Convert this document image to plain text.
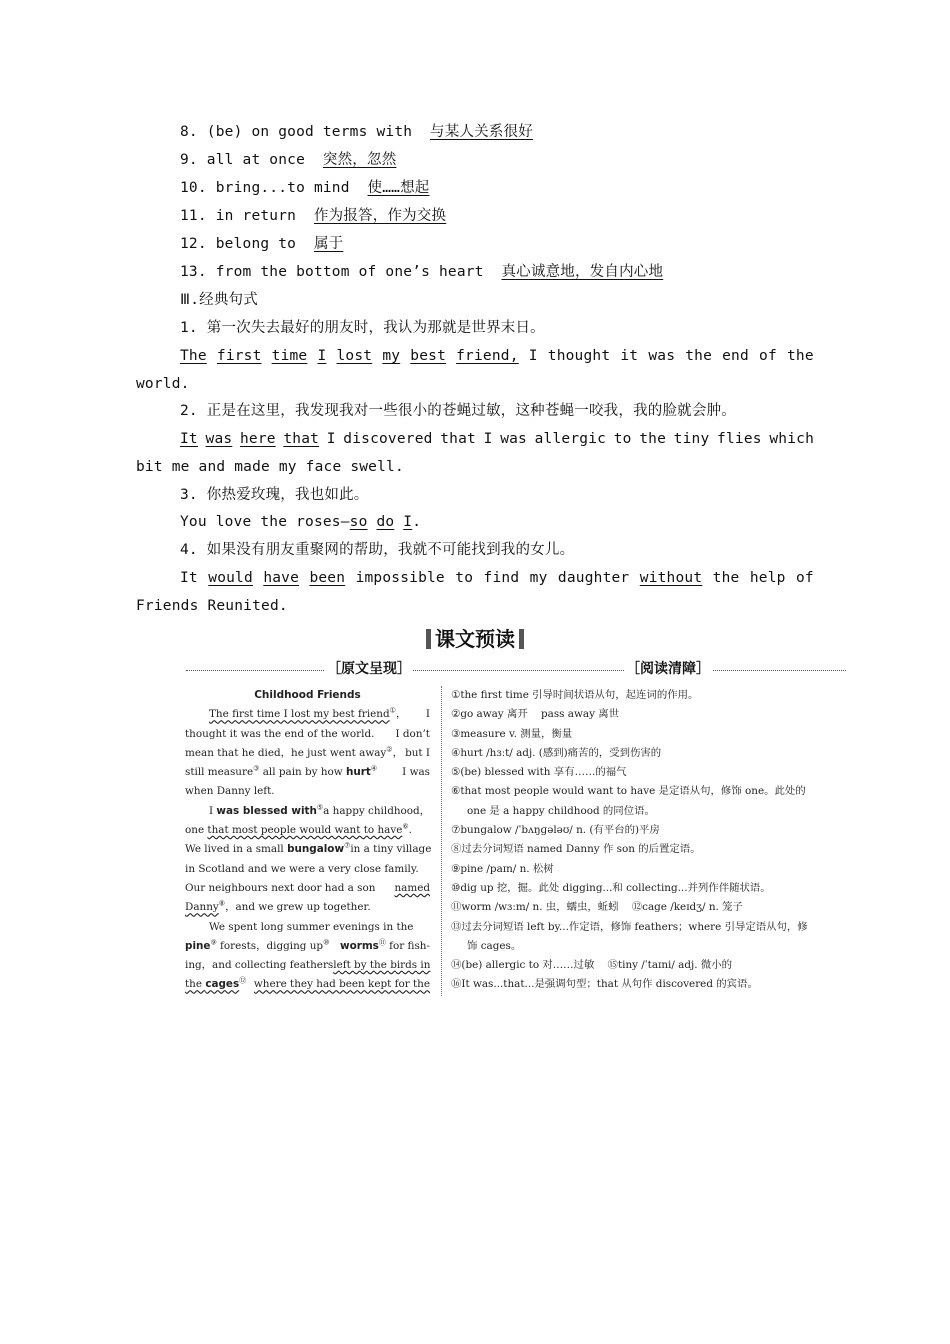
8. (be) on good terms with  与某人关系很好
9. all at once  突然，忽然
10. bring...to mind  使……想起
11. in return  作为报答，作为交换
12. belong to  属于
13. from the bottom of one’s heart  真心诚意地，发自内心地
Ⅲ.经典句式
1. 第一次失去最好的朋友时，我认为那就是世界末日。
The first time I lost my best friend, I thought it was the end of the
world.
2. 正是在这里，我发现我对一些很小的苍蝇过敏，这种苍蝇一咬我，我的脸就会肿。
It was here that I discovered that I was allergic to the tiny flies which
bit me and made my face swell.
3. 你热爱玫瑰，我也如此。
You love the roses—so do I.
4. 如果没有朋友重聚网的帮助，我就不可能找到我的女儿。
It would have been impossible to find my daughter without the help of
Friends Reunited.
课文预读
［原文呈现］	［阅读清障］
Childhood Friends
The first time I lost my best friend①， I
thought it was the end of the world. I don’t
mean that he died，he just went away②， but I
still measure③ all pain by how hurt④ I was
when Danny left.
I was blessed with⑤ a happy childhood，
one that most people would want to have⑥.
We lived in a small bungalow⑦ in a tiny village
in Scotland and we were a very close family.
Our neighbours next door had a son named
Danny⑧，and we grew up together.
We spent long summer evenings in the
pine⑨ forests，digging up⑩ worms⑪ for fish-
ing，and collecting feathers left by the birds in
the cages⑫ where they had been kept for the
①the first time 引导时间状语从句，起连词的作用。
②go away 离开    pass away 离世
③measure v. 测量，衡量
④hurt /hɜːt/ adj. (感到)痛苦的，受到伤害的
⑤(be) blessed with 享有……的福气
⑥that most people would want to have 是定语从句，修饰 one。此处的
one 是 a happy childhood 的同位语。
⑦bungalow /ˈbʌŋɡələʊ/ n. (有平台的)平房
⑧过去分词短语 named Danny 作 son 的后置定语。
⑨pine /paɪn/ n. 松树
⑩dig up 挖，掘。此处 digging...和 collecting...并列作伴随状语。
⑪worm /wɜːm/ n. 虫，蠕虫，蚯蚓    ⑫cage /keɪdʒ/ n. 笼子
⑬过去分词短语 left by...作定语，修饰 feathers；where 引导定语从句，修
饰 cages。
⑭(be) allergic to 对……过敏    ⑮tiny /ˈtaɪni/ adj. 微小的
⑯It was...that...是强调句型；that 从句作 discovered 的宾语。
